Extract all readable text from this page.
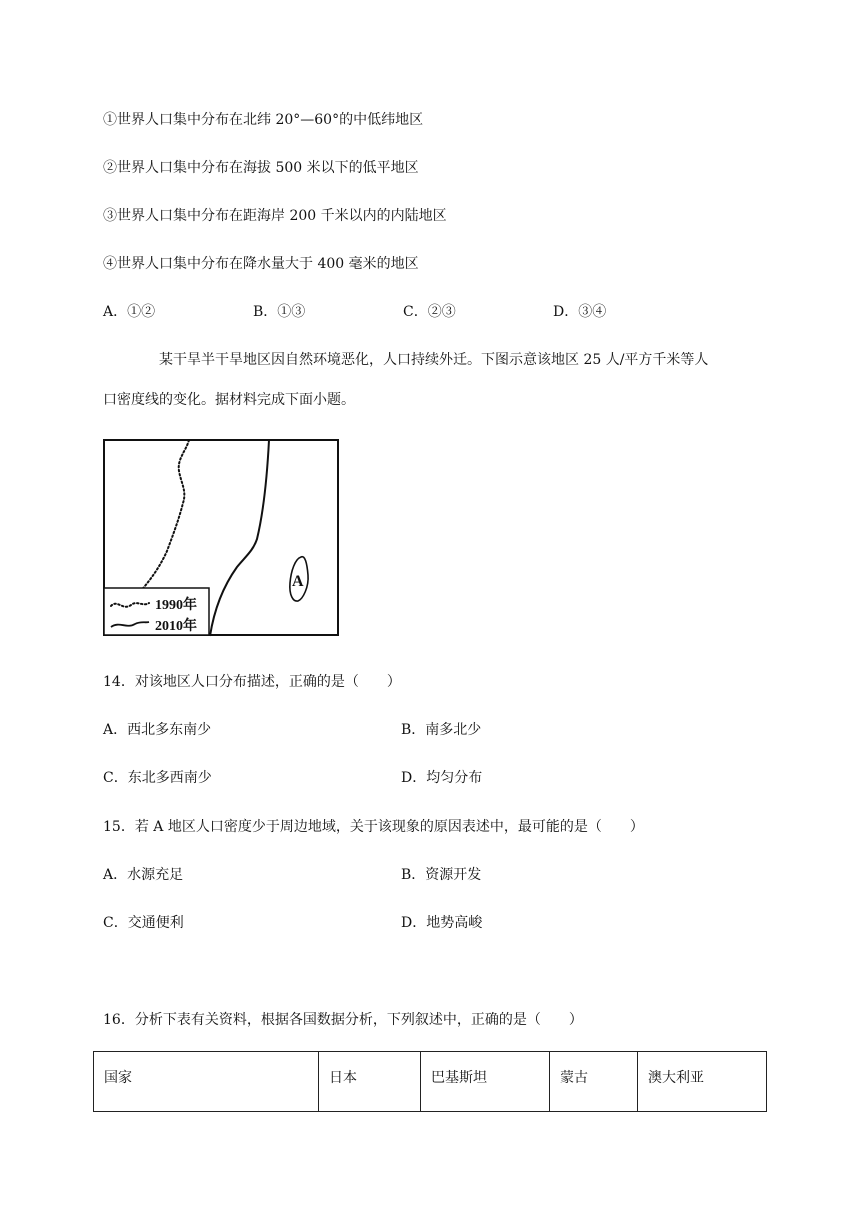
①世界人口集中分布在北纬 20°—60°的中低纬地区
②世界人口集中分布在海拔 500 米以下的低平地区
③世界人口集中分布在距海岸 200 千米以内的内陆地区
④世界人口集中分布在降水量大于 400 毫米的地区
A．①②	B．①③	C．②③	D．③④
某干旱半干旱地区因自然环境恶化，人口持续外迁。下图示意该地区 25 人/平方千米等人
口密度线的变化。据材料完成下面小题。
A
1990年
2010年
14．对该地区人口分布描述，正确的是（　　）
A．西北多东南少	B．南多北少
C．东北多西南少	D．均匀分布
15．若 A 地区人口密度少于周边地域，关于该现象的原因表述中，最可能的是（　　）
A．水源充足	B．资源开发
C．交通便利	D．地势高峻
16．分析下表有关资料，根据各国数据分析，下列叙述中，正确的是（　　）
国家	日本	巴基斯坦	蒙古	澳大利亚
